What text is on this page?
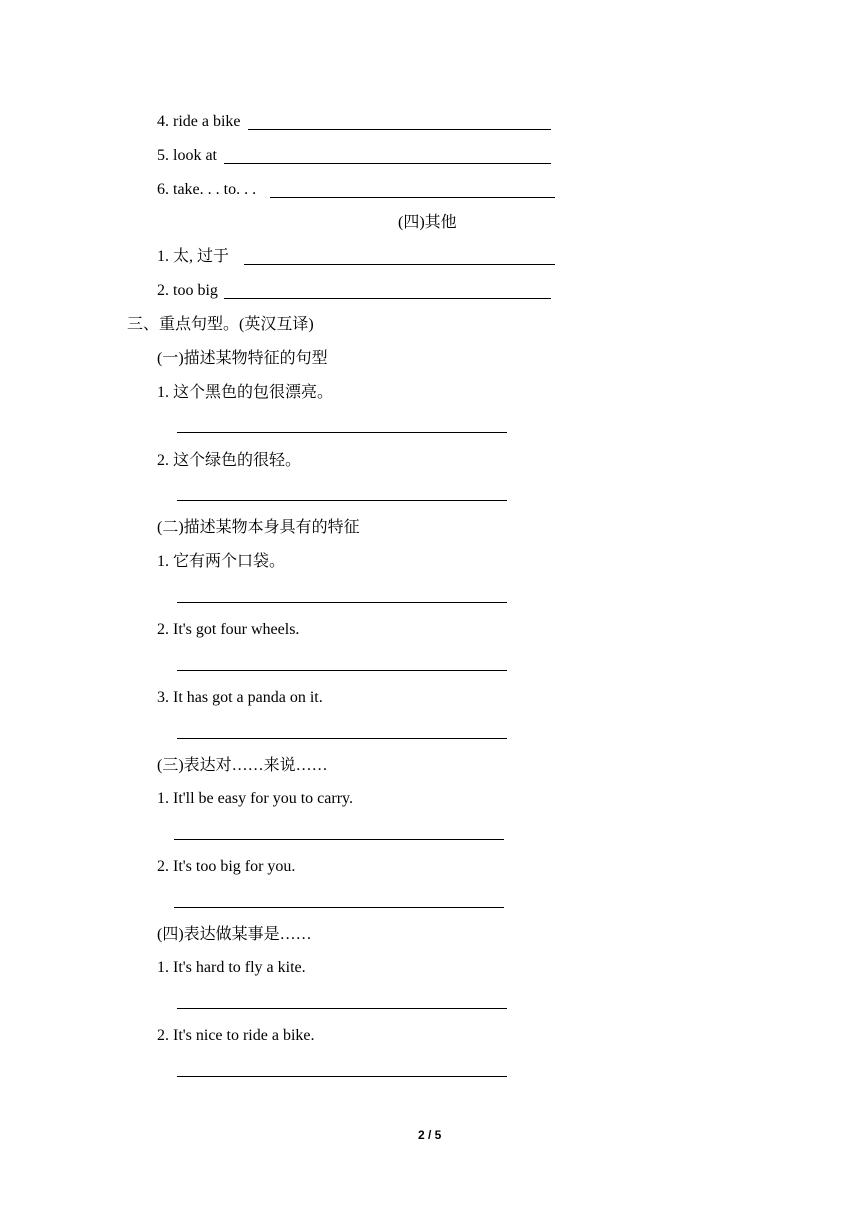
4. ride a bike
5. look at
6. take. . . to. . .
(四)其他
1. 太, 过于
2. too big
三、重点句型。(英汉互译)
(一)描述某物特征的句型
1. 这个黑色的包很漂亮。
2. 这个绿色的很轻。
(二)描述某物本身具有的特征
1. 它有两个口袋。
2. It's got four wheels.
3. It has got a panda on it.
(三)表达对……来说……
1. It'll be easy for you to carry.
2. It's too big for you.
(四)表达做某事是……
1. It's hard to fly a kite.
2. It's nice to ride a bike.
2 / 5
